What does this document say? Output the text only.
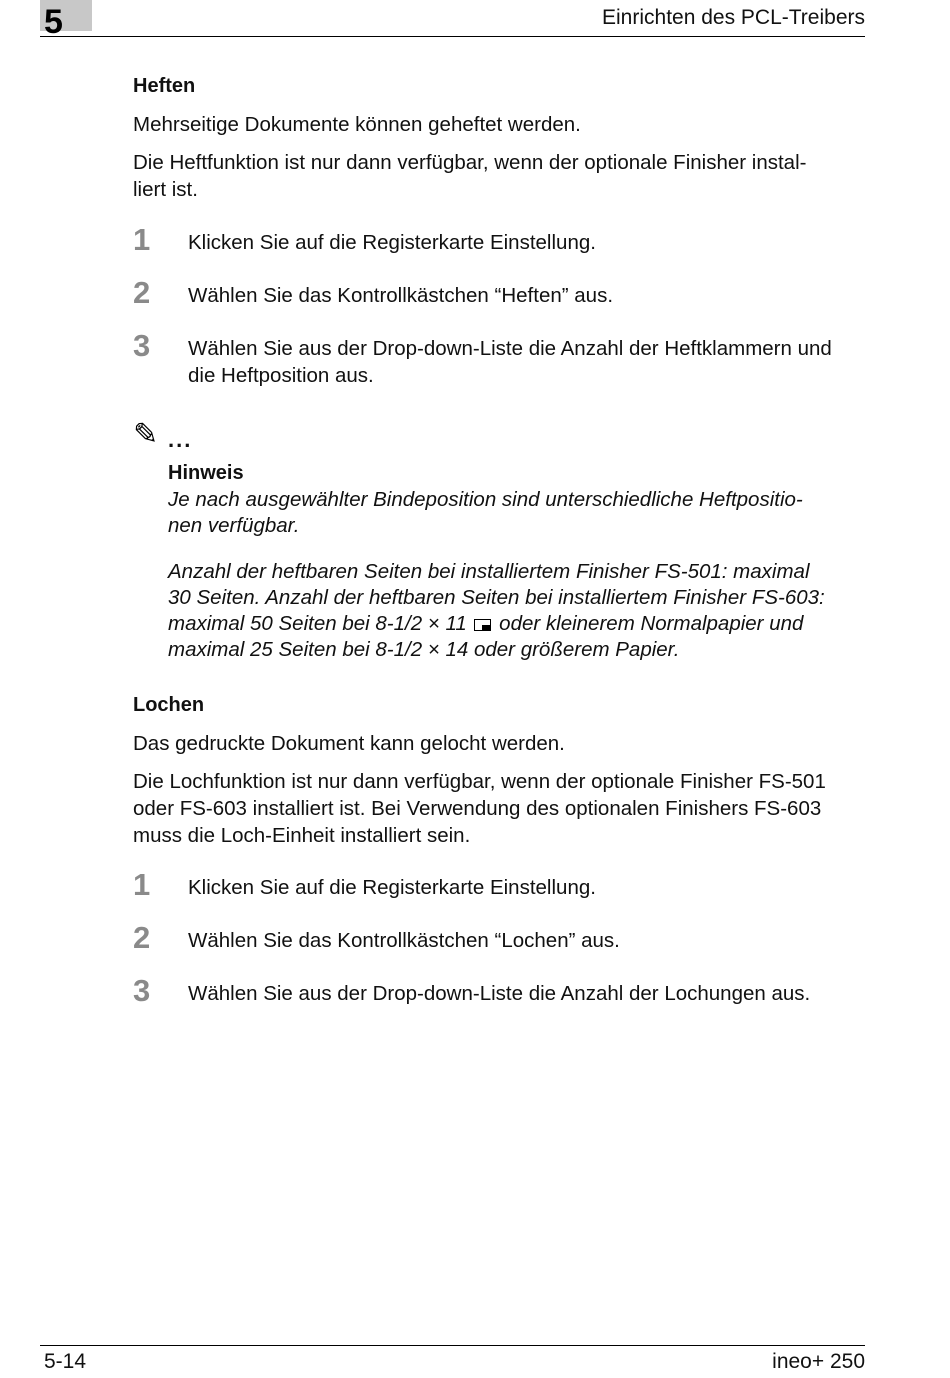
5	Einrichten des PCL-Treibers
Heften
Mehrseitige Dokumente können geheftet werden.
Die Heftfunktion ist nur dann verfügbar, wenn der optionale Finisher instal-
liert ist.
1 Klicken Sie auf die Registerkarte Einstellung.
2 Wählen Sie das Kontrollkästchen “Heften” aus.
3 Wählen Sie aus der Drop-down-Liste die Anzahl der Heftklammern und
die Heftposition aus.
✎ ...
Hinweis
Je nach ausgewählter Bindeposition sind unterschiedliche Heftpositio-
nen verfügbar.
Anzahl der heftbaren Seiten bei installiertem Finisher FS-501: maximal
30 Seiten. Anzahl der heftbaren Seiten bei installiertem Finisher FS-603:
maximal 50 Seiten bei 8-1/2 × 11 oder kleinerem Normalpapier und
maximal 25 Seiten bei 8-1/2 × 14 oder größerem Papier.
Lochen
Das gedruckte Dokument kann gelocht werden.
Die Lochfunktion ist nur dann verfügbar, wenn der optionale Finisher FS-501
oder FS-603 installiert ist. Bei Verwendung des optionalen Finishers FS-603
muss die Loch-Einheit installiert sein.
1 Klicken Sie auf die Registerkarte Einstellung.
2 Wählen Sie das Kontrollkästchen “Lochen” aus.
3 Wählen Sie aus der Drop-down-Liste die Anzahl der Lochungen aus.
5-14	ineo+ 250
